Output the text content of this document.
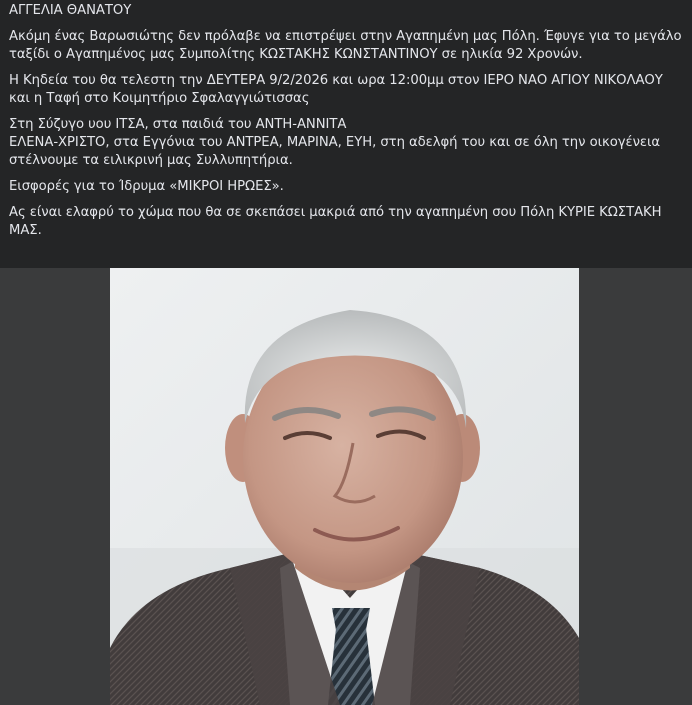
ΑΓΓΕΛΙΑ ΘΑΝΑΤΟΥ

Ακόμη ένας Βαρωσιώτης δεν πρόλαβε να επιστρέψει στην Αγαπημένη μας Πόλη. Έφυγε για το μεγάλο ταξίδι ο Αγαπημένος μας Συμπολίτης ΚΩΣΤΑΚΗΣ ΚΩΝΣΤΑΝΤΙΝΟΥ σε ηλικία 92 Χρονών.

Η Κηδεία του θα τελεστη την ΔΕΥΤΕΡΑ 9/2/2026 και ωρα 12:00μμ στον ΙΕΡΟ ΝΑΟ ΑΓΙΟΥ ΝΙΚΟΛΑΟΥ και η Ταφή στο Κοιμητήριο Σφαλαγγιώτισσας

Στη Σύζυγο υου ΙΤΣΑ, στα παιδιά του ΑΝΤΗ-ΑΝΝΙΤΑ
ΕΛΕΝΑ-ΧΡΙΣΤΟ, στα Εγγόνια του ΑΝΤΡΕΑ, ΜΑΡΙΝΑ, ΕΥΗ, στη αδελφή του και σε όλη την οικογένεια στέλνουμε τα ειλικρινή μας Συλλυπητήρια.

Εισφορές για το Ίδρυμα «ΜΙΚΡΟΙ ΗΡΩΕΣ».

Ας είναι ελαφρύ το χώμα που θα σε σκεπάσει μακριά από την αγαπημένη σου Πόλη ΚΥΡΙΕ ΚΩΣΤΑΚΗ ΜΑΣ.
